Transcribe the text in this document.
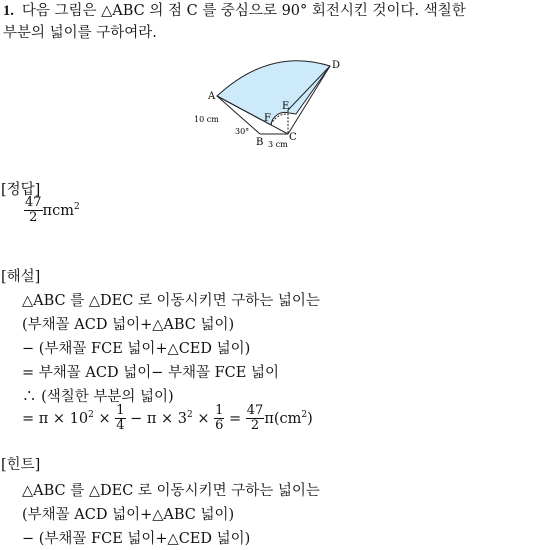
1. 다음 그림은 △ABC 의 점 C 를 중심으로 90° 회전시킨 것이다. 색칠한
부분의 넓이를 구하여라.
A
B	C
D
E
F
10 cm
30°
3 cm
[정답]
$\frac{47}{2} \pi cm^2$
[해설]
△ABC 를 △DEC 로 이동시키면 구하는 넓이는
(부채꼴 ACD 넓이+△ABC 넓이)
− (부채꼴 FCE 넓이+△CED 넓이)
= 부채꼴 ACD 넓이− 부채꼴 FCE 넓이
∴ (색칠한 부분의 넓이)
= $\pi \times 10^2 \times \frac{1}{4} - \pi \times 3^2 \times \frac{1}{6} = \frac{47}{2} \pi(cm^2)$
[힌트]
△ABC 를 △DEC 로 이동시키면 구하는 넓이는
(부채꼴 ACD 넓이+△ABC 넓이)
− (부채꼴 FCE 넓이+△CED 넓이)
